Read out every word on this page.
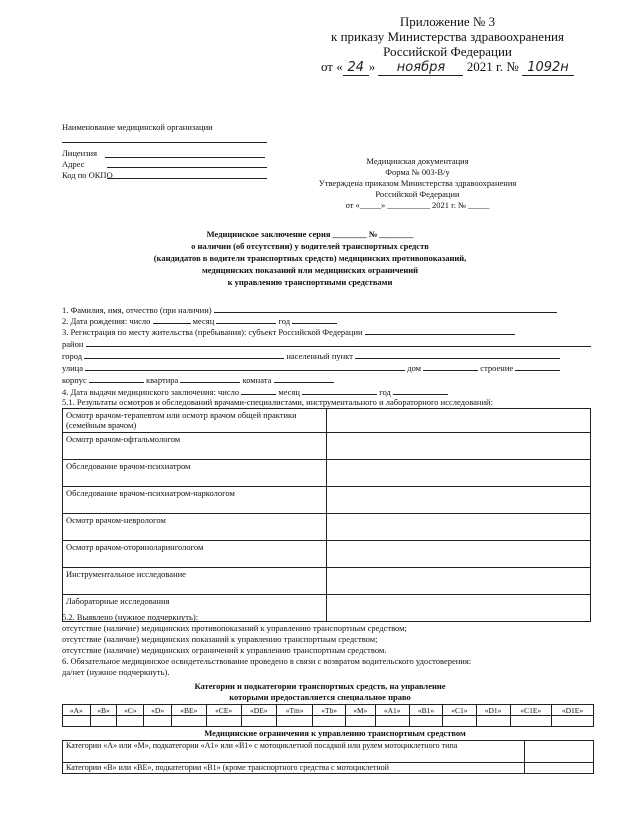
Приложение № 3
к приказу Министерства здравоохранения
Российской Федерации
от « 24 » ноября 2021 г. № 1092н
Наименование медицинской организации
Лицензия
Адрес
Код по ОКПО
Медицинская документация
Форма № 003-В/у
Утверждена приказом Министерства здравоохранения
Российской Федерации
от «_____» __________ 2021 г. № _____
Медицинское заключение серия ________ № ________
о наличии (об отсутствии) у водителей транспортных средств
(кандидатов в водители транспортных средств) медицинских противопоказаний,
медицинских показаний или медицинских ограничений
к управлению транспортными средствами
1. Фамилия, имя, отчество (при наличии)
2. Дата рождения: число	месяц	год
3. Регистрация по месту жительства (пребывания): субъект Российской Федерации
район
город	населенный пункт
улица	дом	строение
корпус	квартира	комната
4. Дата выдачи медицинского заключения: число	месяц	год
5.1. Результаты осмотров и обследований врачами-специалистами, инструментального и лабораторного исследований:
Осмотр врачом-терапевтом или осмотр врачом общей практики (семейным врачом)	
Осмотр врачом-офтальмологом	
Обследование врачом-психиатром	
Обследование врачом-психиатром-наркологом	
Осмотр врачом-неврологом	
Осмотр врачом-оториноларингологом	
Инструментальное исследование	
Лабораторные исследования	
5.2. Выявлено (нужное подчеркнуть):
отсутствие (наличие) медицинских противопоказаний к управлению транспортным средством;
отсутствие (наличие) медицинских показаний к управлению транспортным средством;
отсутствие (наличие) медицинских ограничений к управлению транспортным средством.
6. Обязательное медицинское освидетельствование проведено в связи с возвратом водительского удостоверения:
да/нет (нужное подчеркнуть).
Категории и подкатегории транспортных средств, на управление
которыми предоставляется специальное право
«A»	«B»	«C»	«D»	«BE»	«CE»	«DE»	«Tm»	«Tb»	«M»	«A1»	«B1»	«C1»	«D1»	«C1E»	«D1E»

Медицинские ограничения к управлению транспортным средством
Категории «A» или «M», подкатегории «A1» или «B1» с мотоциклетной посадкой или рулем мотоциклетного типа	
Категории «B» или «BE», подкатегории «B1» (кроме транспортного средства с мотоциклетной	
